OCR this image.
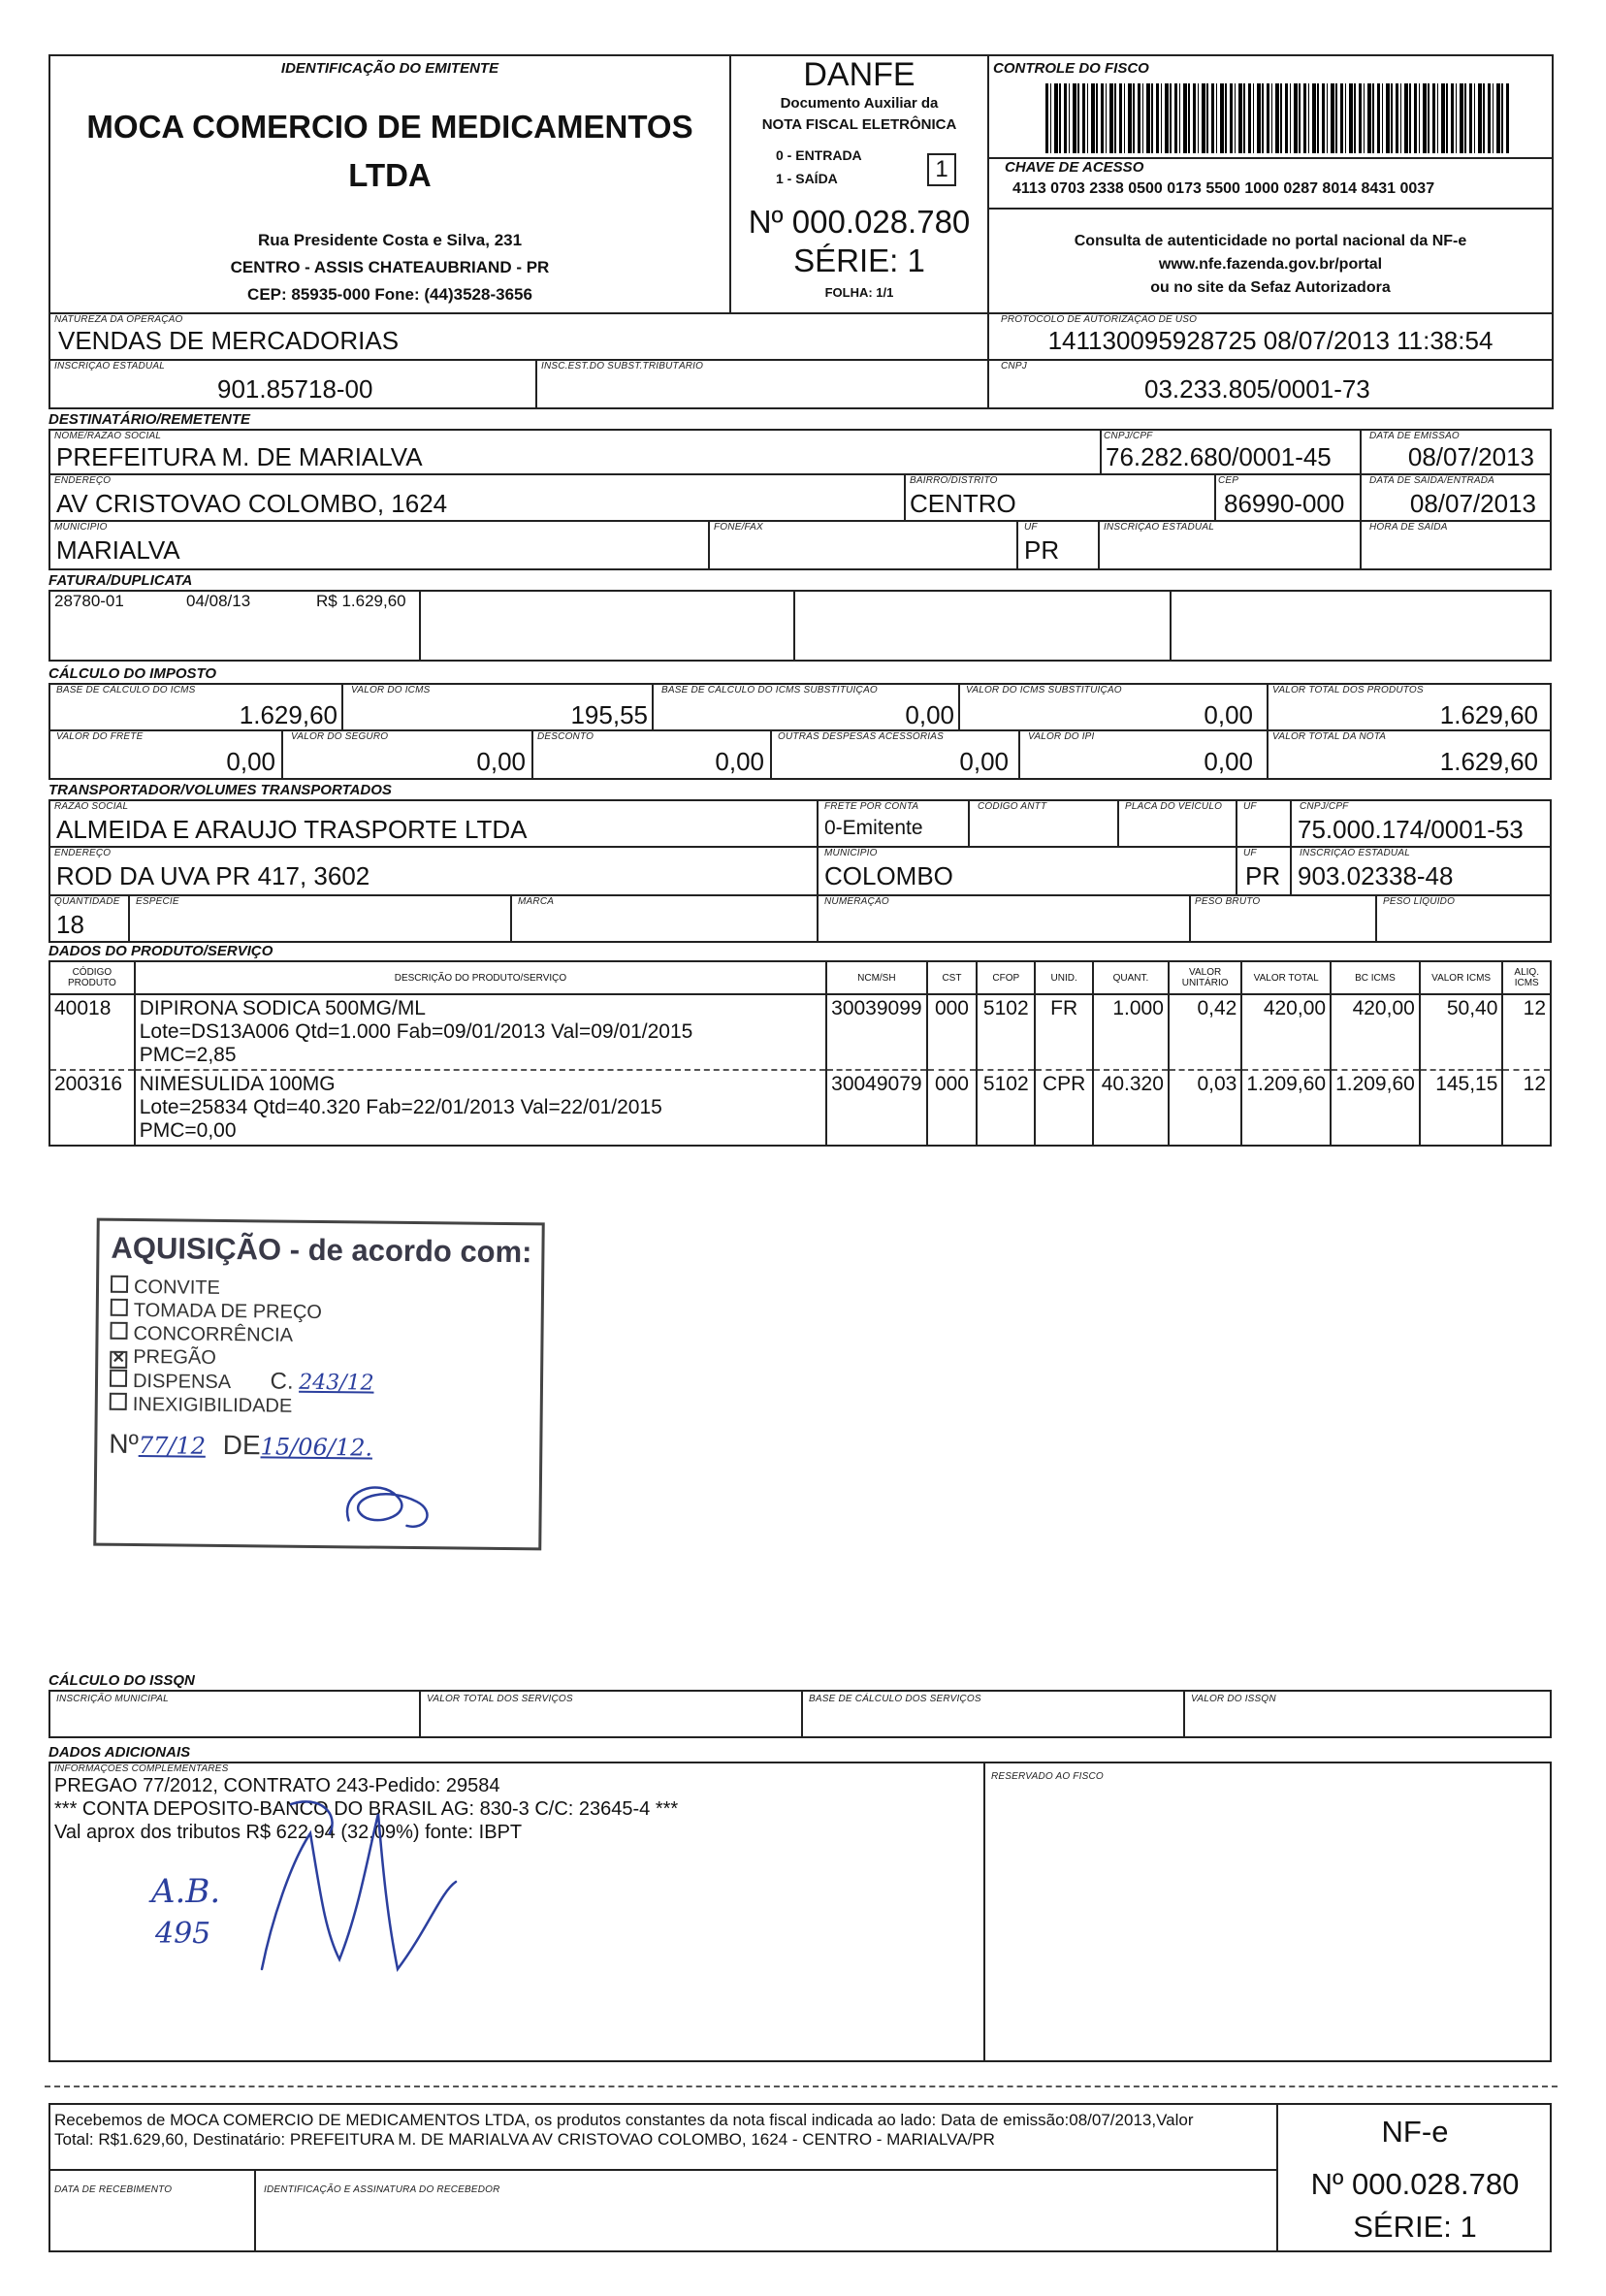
IDENTIFICAÇÃO DO EMITENTE
MOCA COMERCIO DE MEDICAMENTOS
LTDA
Rua Presidente Costa e Silva, 231
CENTRO - ASSIS CHATEAUBRIAND - PR
CEP: 85935-000 Fone: (44)3528-3656
DANFE
Documento Auxiliar da
NOTA FISCAL ELETRÔNICA
0 - ENTRADA
1 - SAÍDA	1
Nº 000.028.780
SÉRIE: 1
FOLHA: 1/1
CONTROLE DO FISCO
CHAVE DE ACESSO
4113 0703 2338 0500 0173 5500 1000 0287 8014 8431 0037
Consulta de autenticidade no portal nacional da NF-e
www.nfe.fazenda.gov.br/portal
ou no site da Sefaz Autorizadora
NATUREZA DA OPERAÇÃO
VENDAS DE MERCADORIAS
PROTOCOLO DE AUTORIZAÇÃO DE USO
141130095928725 08/07/2013 11:38:54
INSCRIÇÃO ESTADUAL
901.85718-00
INSC.EST.DO SUBST.TRIBUTÁRIO	CNPJ
03.233.805/0001-73
DESTINATÁRIO/REMETENTE
NOME/RAZÃO SOCIAL
PREFEITURA M. DE MARIALVA
CNPJ/CPF
76.282.680/0001-45
DATA DE EMISSÃO
08/07/2013
ENDEREÇO
AV CRISTOVAO COLOMBO, 1624
BAIRRO/DISTRITO
CENTRO
CEP
86990-000
DATA DE SAÍDA/ENTRADA
08/07/2013
MUNICÍPIO
MARIALVA
FONE/FAX	UF
PR
INSCRIÇÃO ESTADUAL	HORA DE SAÍDA
FATURA/DUPLICATA
28780-01	04/08/13	R$ 1.629,60
CÁLCULO DO IMPOSTO
BASE DE CÁLCULO DO ICMS
1.629,60
VALOR DO ICMS
195,55
BASE DE CÁLCULO DO ICMS SUBSTITUIÇÃO
0,00
VALOR DO ICMS SUBSTITUIÇÃO
0,00
VALOR TOTAL DOS PRODUTOS
1.629,60
VALOR DO FRETE
0,00
VALOR DO SEGURO
0,00
DESCONTO
0,00
OUTRAS DESPESAS ACESSÓRIAS
0,00
VALOR DO IPI
0,00
VALOR TOTAL DA NOTA
1.629,60
TRANSPORTADOR/VOLUMES TRANSPORTADOS
RAZÃO SOCIAL
ALMEIDA E ARAUJO TRASPORTE LTDA
FRETE POR CONTA
0-Emitente
CÓDIGO ANTT	PLACA DO VEÍCULO UF	CNPJ/CPF
75.000.174/0001-53
ENDEREÇO
ROD DA UVA PR 417, 3602
MUNICÍPIO
COLOMBO
UF
PR
INSCRIÇÃO ESTADUAL
903.02338-48
QUANTIDADE
18
ESPÉCIE	MARCA	NUMERAÇÃO	PESO BRUTO	PESO LÍQUIDO
DADOS DO PRODUTO/SERVIÇO
CÓDIGO PRODUTO	DESCRIÇÃO DO PRODUTO/SERVIÇO	NCM/SH	CST	CFOP	UNID.	QUANT.	VALOR UNITÁRIO	VALOR TOTAL	BC ICMS	VALOR ICMS	ALIQ. ICMS
40018	DIPIRONA SODICA 500MG/ML
Lote=DS13A006 Qtd=1.000 Fab=09/01/2013 Val=09/01/2015
PMC=2,85	30039099	000	5102	FR	1.000	0,42	420,00	420,00	50,40	12
200316	NIMESULIDA 100MG
Lote=25834 Qtd=40.320 Fab=22/01/2013 Val=22/01/2015
PMC=0,00	30049079	000	5102	CPR	40.320	0,03	1.209,60	1.209,60	145,15	12
AQUISIÇÃO - de acordo com:
CONVITE
TOMADA DE PREÇO
CONCORRÊNCIA
✕ PREGÃO
DISPENSA C. 243/12
INEXIGIBILIDADE
Nº77/12 DE15/06/12.
CÁLCULO DO ISSQN
INSCRIÇÃO MUNICIPAL	VALOR TOTAL DOS SERVIÇOS	BASE DE CÁLCULO DOS SERVIÇOS	VALOR DO ISSQN
DADOS ADICIONAIS
INFORMAÇÕES COMPLEMENTARES
PREGAO 77/2012, CONTRATO 243-Pedido: 29584
*** CONTA DEPOSITO-BANCO DO BRASIL AG: 830-3 C/C: 23645-4 ***
Val aprox dos tributos R$ 622,94 (32,09%) fonte: IBPT
RESERVADO AO FISCO
A.B.
495
Recebemos de MOCA COMERCIO DE MEDICAMENTOS LTDA, os produtos constantes da nota fiscal indicada ao lado: Data de emissão:08/07/2013,Valor Total: R$1.629,60, Destinatário: PREFEITURA M. DE MARIALVA AV CRISTOVAO COLOMBO, 1624 - CENTRO - MARIALVA/PR
DATA DE RECEBIMENTO	IDENTIFICAÇÃO E ASSINATURA DO RECEBEDOR
NF-e
Nº 000.028.780
SÉRIE: 1
